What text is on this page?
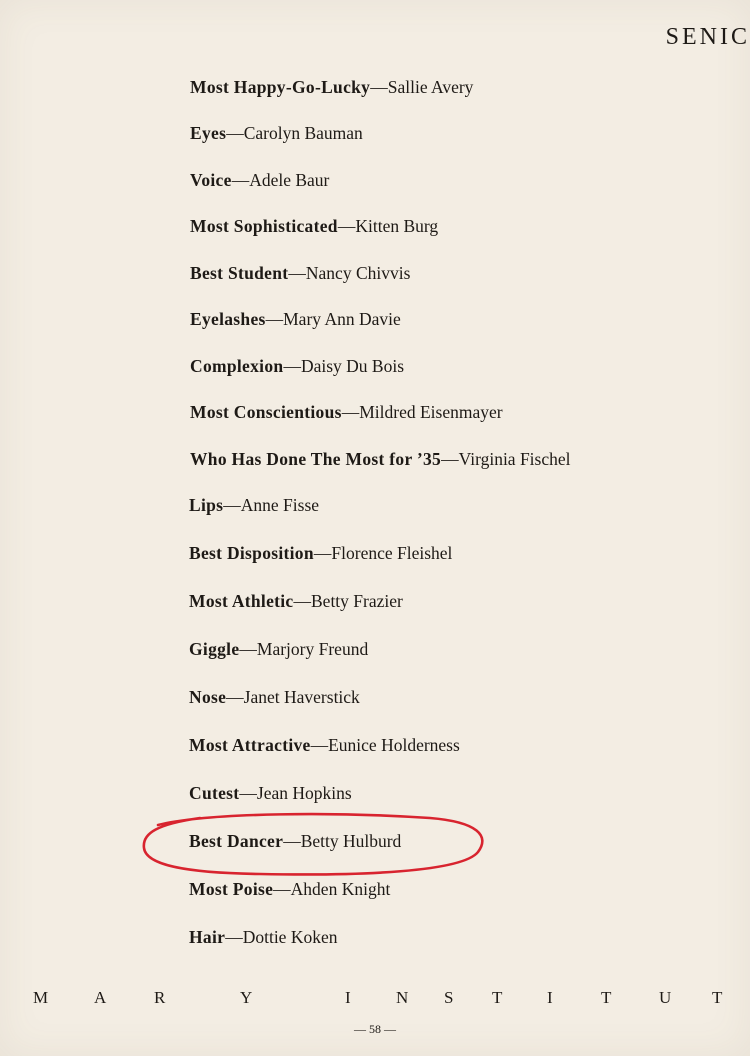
SENIC
Most Happy-Go-Lucky—Sallie Avery
Eyes—Carolyn Bauman
Voice—Adele Baur
Most Sophisticated—Kitten Burg
Best Student—Nancy Chivvis
Eyelashes—Mary Ann Davie
Complexion—Daisy Du Bois
Most Conscientious—Mildred Eisenmayer
Who Has Done The Most for ’35—Virginia Fischel
Lips—Anne Fisse
Best Disposition—Florence Fleishel
Most Athletic—Betty Frazier
Giggle—Marjory Freund
Nose—Janet Haverstick
Most Attractive—Eunice Holderness
Cutest—Jean Hopkins
Best Dancer—Betty Hulburd
Most Poise—Ahden Knight
Hair—Dottie Koken
M	A	R	Y	I	N S T	I	T	U T
— 58 —
